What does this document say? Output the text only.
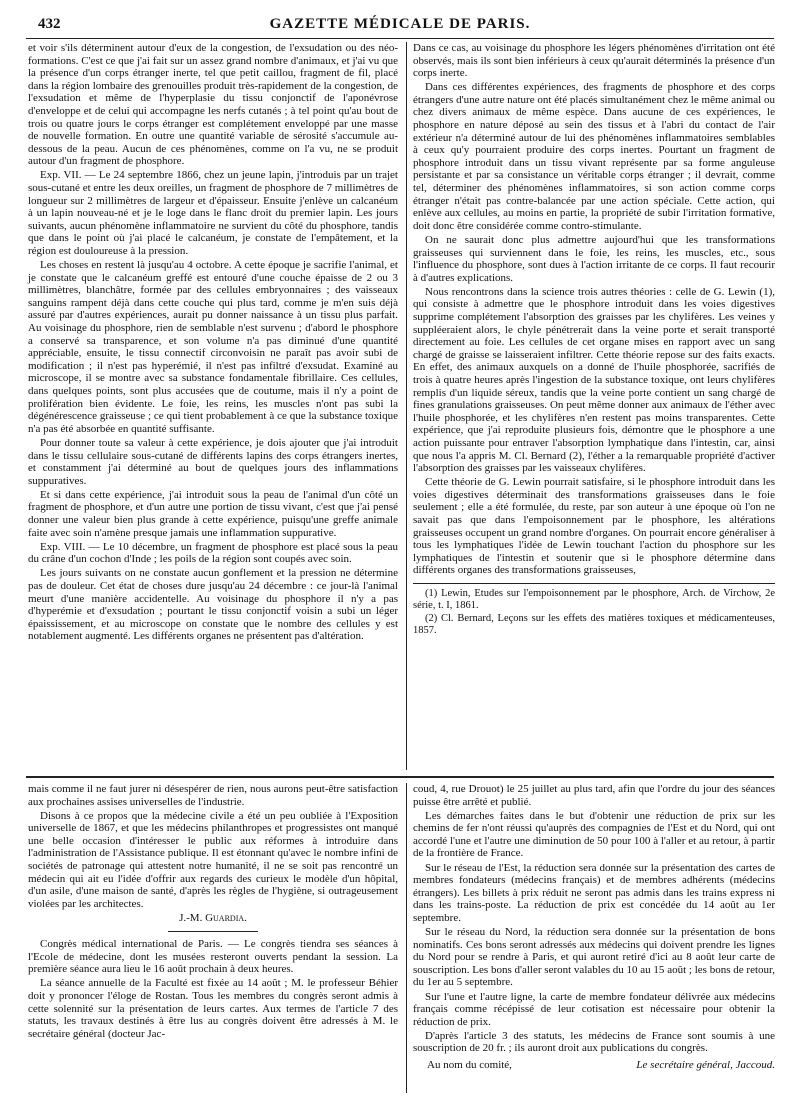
432	GAZETTE MÉDICALE DE PARIS.

et voir s'ils déterminent autour d'eux de la congestion, de l'exsudation ou des néo-formations. C'est ce que j'ai fait sur un assez grand nombre d'animaux, et j'ai vu que la présence d'un corps étranger inerte, tel que petit caillou, fragment de fil, placé dans la région lombaire des grenouilles produit très-rapidement de la congestion, de l'exsudation et même de l'hyperplasie du tissu conjonctif de l'aponévrose d'enveloppe et de celui qui accompagne les nerfs cutanés ; à tel point qu'au bout de trois ou quatre jours le corps étranger est complétement enveloppé par une masse de nouvelle formation. En outre une quantité variable de sérosité s'accumule au-dessous de la peau. Aucun de ces phénomènes, comme on l'a vu, ne se produit autour d'un fragment de phosphore.

Exp. VII. — Le 24 septembre 1866, chez un jeune lapin, j'introduis par un trajet sous-cutané et entre les deux oreilles, un fragment de phosphore de 7 millimètres de longueur sur 2 millimètres de largeur et d'épaisseur. Ensuite j'enlève un calcanéum à un lapin nouveau-né et je le loge dans le flanc droit du premier lapin. Les jours suivants, aucun phénomène inflammatoire ne survient du côté du phosphore, tandis que dans le point où j'ai placé le calcanéum, je constate de l'empâtement, et la région est douloureuse à la pression.

Les choses en restent là jusqu'au 4 octobre. A cette époque je sacrifie l'animal, et je constate que le calcanéum greffé est entouré d'une couche épaisse de 2 ou 3 millimètres, blanchâtre, formée par des cellules embryonnaires ; des vaisseaux sanguins rampent déjà dans cette couche qui plus tard, comme je m'en suis déjà assuré par d'autres expériences, aurait pu donner naissance à un tissu plus parfait. Au voisinage du phosphore, rien de semblable n'est survenu ; d'abord le phosphore a conservé sa transparence, et son volume n'a pas diminué d'une quantité appréciable, ensuite, le tissu connectif circonvoisin ne paraît pas avoir subi de modification ; il n'est pas hyperémié, il n'est pas infiltré d'exsudat. Examiné au microscope, il se montre avec sa substance fondamentale fibrillaire. Ces cellules, dans quelques points, sont plus accusées que de coutume, mais il n'y a point de prolifération bien évidente. Le foie, les reins, les muscles n'ont pas subi la dégénérescence graisseuse ; ce qui tient probablement à ce que la substance toxique n'a pas été absorbée en quantité suffisante.

Pour donner toute sa valeur à cette expérience, je dois ajouter que j'ai introduit dans le tissu cellulaire sous-cutané de différents lapins des corps étrangers inertes, et constamment j'ai déterminé au bout de quelques jours des inflammations suppuratives.

Et si dans cette expérience, j'ai introduit sous la peau de l'animal d'un côté un fragment de phosphore, et d'un autre une portion de tissu vivant, c'est que j'ai pensé donner une valeur bien plus grande à cette expérience, puisqu'une greffe animale faite avec soin n'amène presque jamais une inflammation suppurative.

Exp. VIII. — Le 10 décembre, un fragment de phosphore est placé sous la peau du crâne d'un cochon d'Inde ; les poils de la région sont coupés avec soin.

Les jours suivants on ne constate aucun gonflement et la pression ne détermine pas de douleur. Cet état de choses dure jusqu'au 24 décembre : ce jour-là l'animal meurt d'une manière accidentelle. Au voisinage du phosphore il n'y a pas d'hyperémie et d'exsudation ; pourtant le tissu conjonctif voisin a subi un léger épaississement, et au microscope on constate que le nombre des cellules y est notablement augmenté. Les différents organes ne présentent pas d'altération.

Dans ce cas, au voisinage du phosphore les légers phénomènes d'irritation ont été observés, mais ils sont bien inférieurs à ceux qu'aurait déterminés la présence d'un corps inerte.

Dans ces différentes expériences, des fragments de phosphore et des corps étrangers d'une autre nature ont été placés simultanément chez le même animal ou chez divers animaux de même espèce. Dans aucune de ces expériences, le phosphore en nature déposé au sein des tissus et à l'abri du contact de l'air extérieur n'a déterminé autour de lui des phénomènes inflammatoires semblables à ceux qu'y pourraient produire des corps inertes. Pourtant un fragment de phosphore introduit dans un tissu vivant représente par sa forme anguleuse persistante et par sa consistance un véritable corps étranger ; il devrait, comme tel, déterminer des phénomènes inflammatoires, si son action comme corps étranger n'était pas contre-balancée par une action spéciale. Cette action, qui enlève aux cellules, au moins en partie, la propriété de subir l'irritation formative, doit donc être considérée comme contro-stimulante.

On ne saurait donc plus admettre aujourd'hui que les transformations graisseuses qui surviennent dans le foie, les reins, les muscles, etc., sous l'influence du phosphore, sont dues à l'action irritante de ce corps. Il faut recourir à d'autres explications.

Nous rencontrons dans la science trois autres théories : celle de G. Lewin (1), qui consiste à admettre que le phosphore introduit dans les voies digestives supprime complétement l'absorption des graisses par les chylifères. Les veines y suppléeraient alors, le chyle pénétrerait dans la veine porte et serait transporté directement au foie. Les cellules de cet organe mises en rapport avec un sang chargé de graisse se laisseraient infiltrer. Cette théorie repose sur des faits exacts. En effet, des animaux auxquels on a donné de l'huile phosphorée, sacrifiés de trois à quatre heures après l'ingestion de la substance toxique, ont leurs chylifères remplis d'un liquide séreux, tandis que la veine porte contient un sang chargé de fines granulations graisseuses. On peut même donner aux animaux de l'éther avec l'huile phosphorée, et les chylifères n'en restent pas moins transparentes. Cette expérience, que j'ai reproduite plusieurs fois, démontre que le phosphore a une action puissante pour entraver l'absorption lymphatique dans l'intestin, car, ainsi que nous l'a appris M. Cl. Bernard (2), l'éther a la remarquable propriété d'activer l'absorption des graisses par les vaisseaux chylifères.

Cette théorie de G. Lewin pourrait satisfaire, si le phosphore introduit dans les voies digestives déterminait des transformations graisseuses dans le foie seulement ; elle a été formulée, du reste, par son auteur à une époque où l'on ne savait pas que dans l'empoisonnement par le phosphore, les altérations graisseuses occupent un grand nombre d'organes. On pourrait encore généraliser à tous les lymphatiques l'idée de Lewin touchant l'action du phosphore sur les lymphatiques de l'intestin et soutenir que si le phosphore détermine dans différents organes des transformations graisseuses,

(1) Lewin, Etudes sur l'empoisonnement par le phosphore, Arch. de Virchow, 2e série, t. I, 1861.

(2) Cl. Bernard, Leçons sur les effets des matières toxiques et médicamenteuses, 1857.

mais comme il ne faut jurer ni désespérer de rien, nous aurons peut-être satisfaction aux prochaines assises universelles de l'industrie.

Disons à ce propos que la médecine civile a été un peu oubliée à l'Exposition universelle de 1867, et que les médecins philanthropes et progressistes ont manqué une belle occasion d'intéresser le public aux réformes à introduire dans l'administration de l'Assistance publique. Il est étonnant qu'avec le nombre infini de sociétés de patronage qui attestent notre humanité, il ne se soit pas rencontré un médecin qui ait eu l'idée d'offrir aux regards des curieux le modèle d'un hôpital, d'un asile, d'une maison de santé, d'après les règles de l'hygiène, si outrageusement violées par les architectes.

J.-M. Guardia.

Congrès médical international de Paris. — Le congrès tiendra ses séances à l'Ecole de médecine, dont les musées resteront ouverts pendant la session. La première séance aura lieu le 16 août prochain à deux heures.

La séance annuelle de la Faculté est fixée au 14 août ; M. le professeur Béhier doit y prononcer l'éloge de Rostan. Tous les membres du congrès seront admis à cette solennité sur la présentation de leurs cartes. Aux termes de l'article 7 des statuts, les travaux destinés à être lus au congrès doivent être adressés à M. le secrétaire général (docteur Jac-

coud, 4, rue Drouot) le 25 juillet au plus tard, afin que l'ordre du jour des séances puisse être arrêté et publié.

Les démarches faites dans le but d'obtenir une réduction de prix sur les chemins de fer n'ont réussi qu'auprès des compagnies de l'Est et du Nord, qui ont accordé l'une et l'autre une diminution de 50 pour 100 à l'aller et au retour, à partir de la frontière de France.

Sur le réseau de l'Est, la réduction sera donnée sur la présentation des cartes de membres fondateurs (médecins français) et de membres adhérents (médecins étrangers). Les billets à prix réduit ne seront pas admis dans les trains express ni dans les trains-poste. La réduction de prix est concédée du 14 août au 1er septembre.

Sur le réseau du Nord, la réduction sera donnée sur la présentation de bons nominatifs. Ces bons seront adressés aux médecins qui doivent prendre les lignes du Nord pour se rendre à Paris, et qui auront retiré d'ici au 8 août leur carte de souscription. Les bons d'aller seront valables du 10 au 15 août ; les bons de retour, du 1er au 5 septembre.

Sur l'une et l'autre ligne, la carte de membre fondateur délivrée aux médecins français comme récépissé de leur cotisation est nécessaire pour obtenir la réduction de prix.

D'après l'article 3 des statuts, les médecins de France sont soumis à une souscription de 20 fr. ; ils auront droit aux publications du congrès.

Au nom du comité,	Le secrétaire général, Jaccoud.
